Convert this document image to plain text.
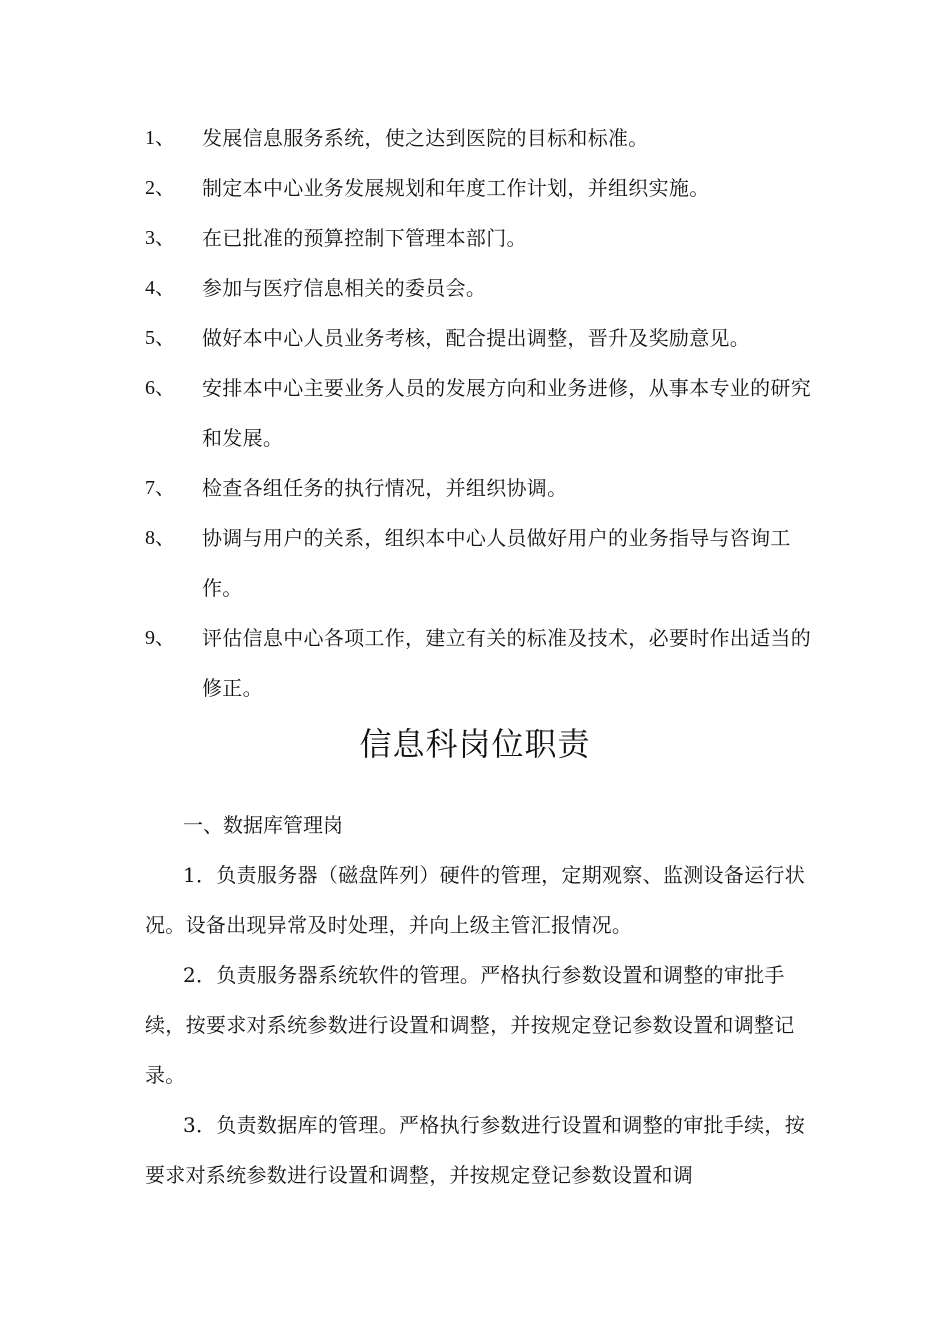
1、	发展信息服务系统，使之达到医院的目标和标准。
2、	制定本中心业务发展规划和年度工作计划，并组织实施。
3、	在已批准的预算控制下管理本部门。
4、	参加与医疗信息相关的委员会。
5、	做好本中心人员业务考核，配合提出调整，晋升及奖励意见。
6、	安排本中心主要业务人员的发展方向和业务进修，从事本专业的研究和发展。
7、	检查各组任务的执行情况，并组织协调。
8、	协调与用户的关系，组织本中心人员做好用户的业务指导与咨询工作。
9、	评估信息中心各项工作，建立有关的标准及技术，必要时作出适当的修正。
信息科岗位职责
一、数据库管理岗

1．负责服务器（磁盘阵列）硬件的管理，定期观察、监测设备运行状况。设备出现异常及时处理，并向上级主管汇报情况。

2．负责服务器系统软件的管理。严格执行参数设置和调整的审批手续，按要求对系统参数进行设置和调整，并按规定登记参数设置和调整记录。

3．负责数据库的管理。严格执行参数进行设置和调整的审批手续，按要求对系统参数进行设置和调整，并按规定登记参数设置和调
